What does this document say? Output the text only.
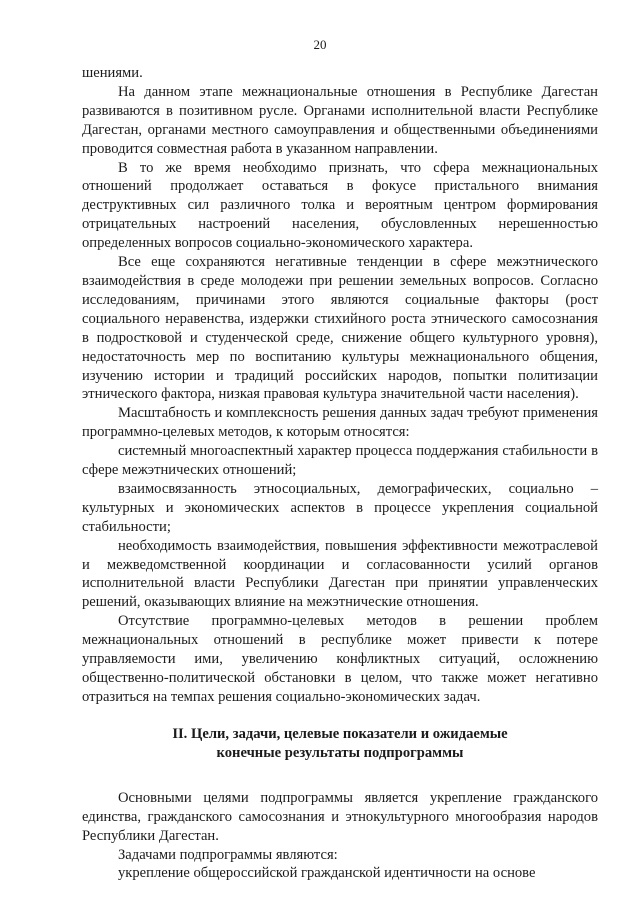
20

шениями.

На данном этапе межнациональные отношения в Республике Дагестан развиваются в позитивном русле. Органами исполнительной власти Республике Дагестан, органами местного самоуправления и общественными объединениями проводится совместная работа в указанном направлении.

В то же время необходимо признать, что сфера межнациональных отношений продолжает оставаться в фокусе пристального внимания деструктивных сил различного толка и вероятным центром формирования отрицательных настроений населения, обусловленных нерешенностью определенных вопросов социально-экономического характера.

Все еще сохраняются негативные тенденции в сфере межэтнического взаимодействия в среде молодежи при решении земельных вопросов. Согласно исследованиям, причинами этого являются социальные факторы (рост социального неравенства, издержки стихийного роста этнического самосознания в подростковой и студенческой среде, снижение общего культурного уровня), недостаточность мер по воспитанию культуры межнационального общения, изучению истории и традиций российских народов, попытки политизации этнического фактора, низкая правовая культура значительной части населения).

Масштабность и комплексность решения данных задач требуют применения программно-целевых методов, к которым относятся:

системный многоаспектный характер процесса поддержания стабильности в сфере межэтнических отношений;

взаимосвязанность этносоциальных, демографических, социально – культурных и экономических аспектов в процессе укрепления социальной стабильности;

необходимость взаимодействия, повышения эффективности межотраслевой и межведомственной координации и согласованности усилий органов исполнительной власти Республики Дагестан при принятии управленческих решений, оказывающих влияние на межэтнические отношения.

Отсутствие программно-целевых методов в решении проблем межнациональных отношений в республике может привести к потере управляемости ими, увеличению конфликтных ситуаций, осложнению общественно-политической обстановки в целом, что также может негативно отразиться на темпах решения социально-экономических задач.

II. Цели, задачи, целевые показатели и ожидаемые
конечные результаты подпрограммы

Основными целями подпрограммы является укрепление гражданского единства, гражданского самосознания и этнокультурного многообразия народов Республики Дагестан.

Задачами подпрограммы являются:

укрепление общероссийской гражданской идентичности на основе
